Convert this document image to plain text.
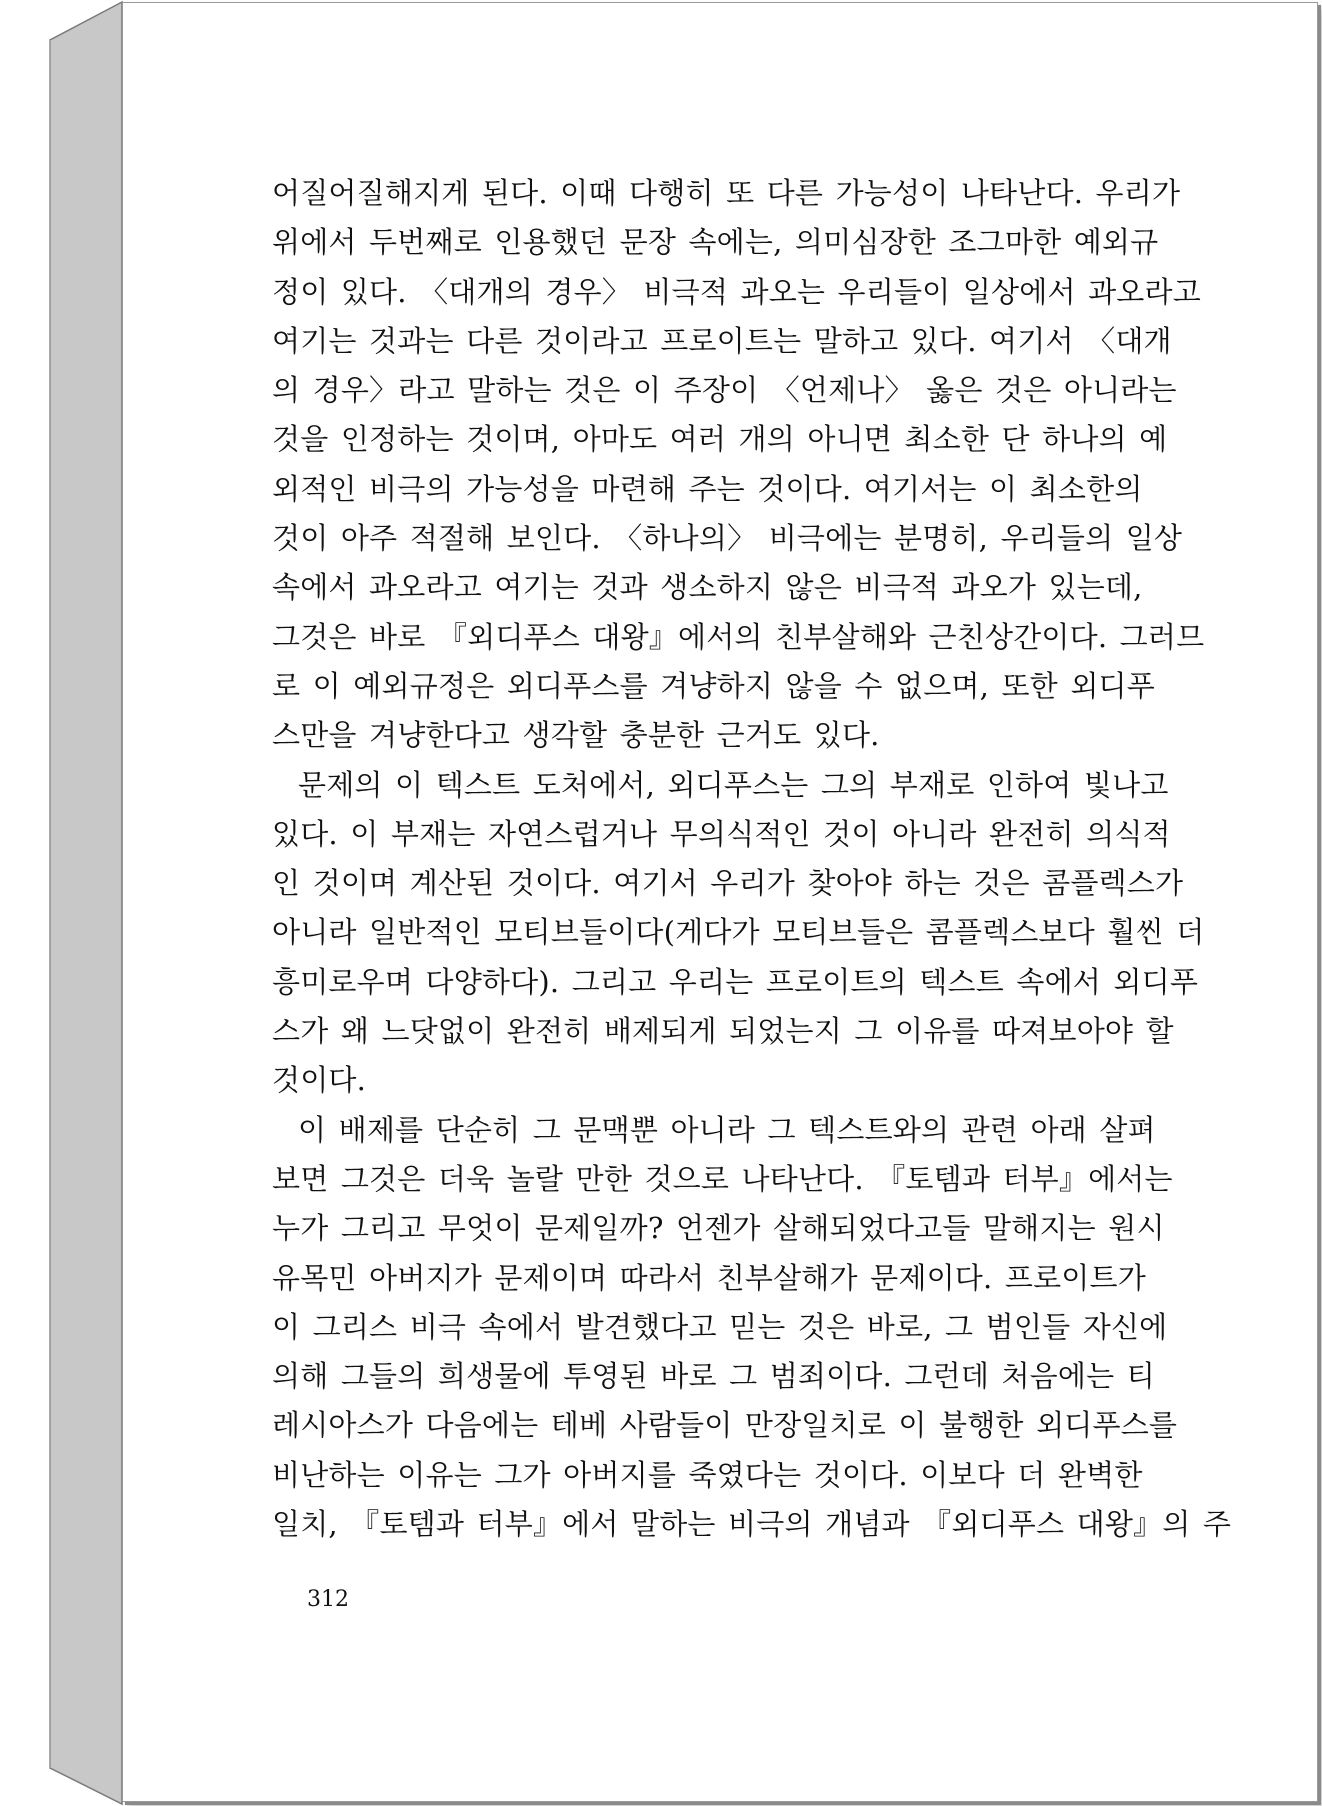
어질어질해지게 된다. 이때 다행히 또 다른 가능성이 나타난다. 우리가
위에서 두번째로 인용했던 문장 속에는, 의미심장한 조그마한 예외규
정이 있다. 〈대개의 경우〉 비극적 과오는 우리들이 일상에서 과오라고
여기는 것과는 다른 것이라고 프로이트는 말하고 있다. 여기서 〈대개
의 경우〉라고 말하는 것은 이 주장이 〈언제나〉 옳은 것은 아니라는
것을 인정하는 것이며, 아마도 여러 개의 아니면 최소한 단 하나의 예
외적인 비극의 가능성을 마련해 주는 것이다. 여기서는 이 최소한의
것이 아주 적절해 보인다. 〈하나의〉 비극에는 분명히, 우리들의 일상
속에서 과오라고 여기는 것과 생소하지 않은 비극적 과오가 있는데,
그것은 바로 『외디푸스 대왕』에서의 친부살해와 근친상간이다. 그러므
로 이 예외규정은 외디푸스를 겨냥하지 않을 수 없으며, 또한 외디푸
스만을 겨냥한다고 생각할 충분한 근거도 있다.
문제의 이 텍스트 도처에서, 외디푸스는 그의 부재로 인하여 빛나고
있다. 이 부재는 자연스럽거나 무의식적인 것이 아니라 완전히 의식적
인 것이며 계산된 것이다. 여기서 우리가 찾아야 하는 것은 콤플렉스가
아니라 일반적인 모티브들이다(게다가 모티브들은 콤플렉스보다 훨씬 더
흥미로우며 다양하다). 그리고 우리는 프로이트의 텍스트 속에서 외디푸
스가 왜 느닷없이 완전히 배제되게 되었는지 그 이유를 따져보아야 할
것이다.
이 배제를 단순히 그 문맥뿐 아니라 그 텍스트와의 관련 아래 살펴
보면 그것은 더욱 놀랄 만한 것으로 나타난다. 『토템과 터부』에서는
누가 그리고 무엇이 문제일까? 언젠가 살해되었다고들 말해지는 원시
유목민 아버지가 문제이며 따라서 친부살해가 문제이다. 프로이트가
이 그리스 비극 속에서 발견했다고 믿는 것은 바로, 그 범인들 자신에
의해 그들의 희생물에 투영된 바로 그 범죄이다. 그런데 처음에는 티
레시아스가 다음에는 테베 사람들이 만장일치로 이 불행한 외디푸스를
비난하는 이유는 그가 아버지를 죽였다는 것이다. 이보다 더 완벽한
일치, 『토템과 터부』에서 말하는 비극의 개념과 『외디푸스 대왕』의 주
312
